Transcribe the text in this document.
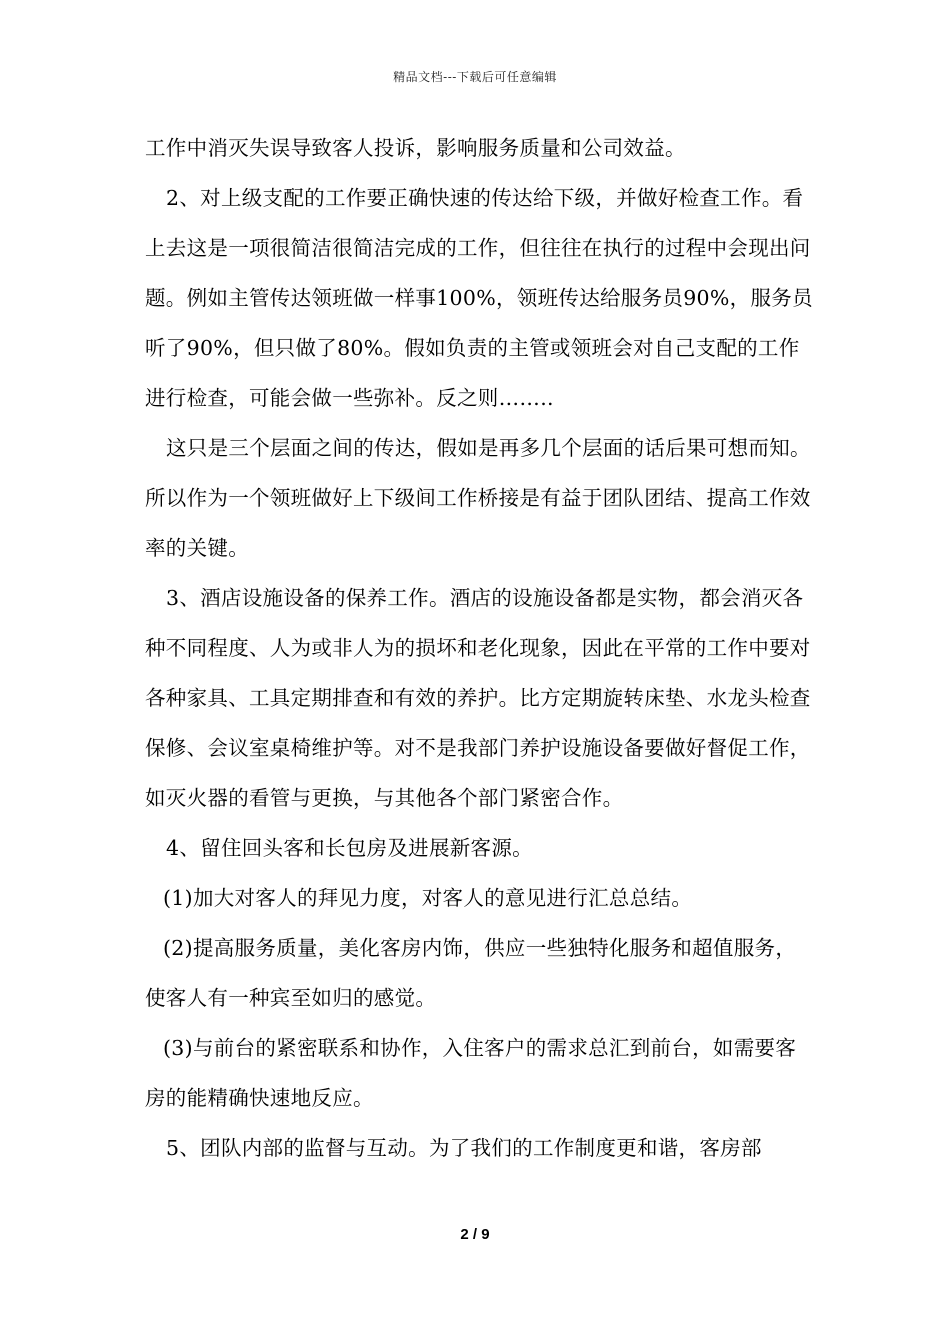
精品文档---下载后可任意编辑

工作中消灭失误导致客人投诉，影响服务质量和公司效益。

2、对上级支配的工作要正确快速的传达给下级，并做好检查工作。看上去这是一项很简洁很简洁完成的工作，但往往在执行的过程中会现出问题。例如主管传达领班做一样事100%，领班传达给服务员90%，服务员听了90%，但只做了80%。假如负责的主管或领班会对自己支配的工作进行检查，可能会做一些弥补。反之则……..

这只是三个层面之间的传达，假如是再多几个层面的话后果可想而知。所以作为一个领班做好上下级间工作桥接是有益于团队团结、提高工作效率的关键。

3、酒店设施设备的保养工作。酒店的设施设备都是实物，都会消灭各种不同程度、人为或非人为的损坏和老化现象，因此在平常的工作中要对各种家具、工具定期排查和有效的养护。比方定期旋转床垫、水龙头检查保修、会议室桌椅维护等。对不是我部门养护设施设备要做好督促工作，如灭火器的看管与更换，与其他各个部门紧密合作。

4、留住回头客和长包房及进展新客源。

(1)加大对客人的拜见力度，对客人的意见进行汇总总结。

(2)提高服务质量，美化客房内饰，供应一些独特化服务和超值服务，使客人有一种宾至如归的感觉。

(3)与前台的紧密联系和协作，入住客户的需求总汇到前台，如需要客房的能精确快速地反应。

5、团队内部的监督与互动。为了我们的工作制度更和谐，客房部

2 / 9
